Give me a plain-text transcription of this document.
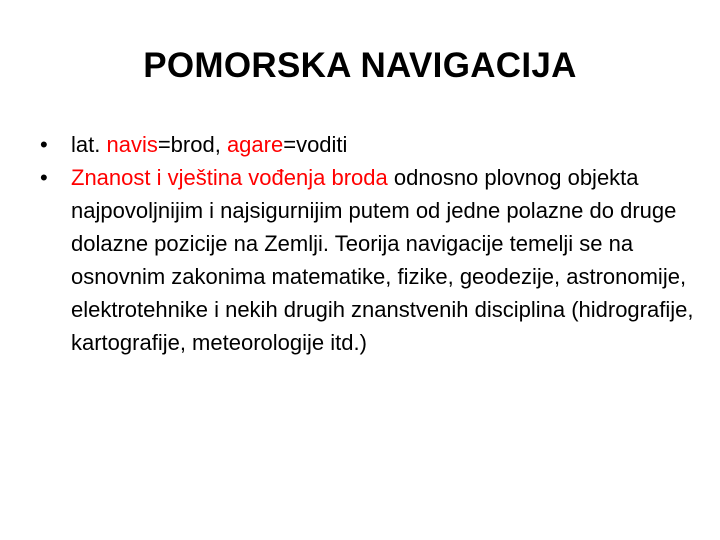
POMORSKA NAVIGACIJA
• lat. navis=brod, agare=voditi
• Znanost i vještina vođenja broda odnosno plovnog objekta najpovoljnijim i najsigurnijim putem od jedne polazne do druge dolazne pozicije na Zemlji. Teorija navigacije temelji se na osnovnim zakonima matematike, fizike, geodezije, astronomije, elektrotehnike i nekih drugih znanstvenih disciplina (hidrografije, kartografije, meteorologije itd.)
